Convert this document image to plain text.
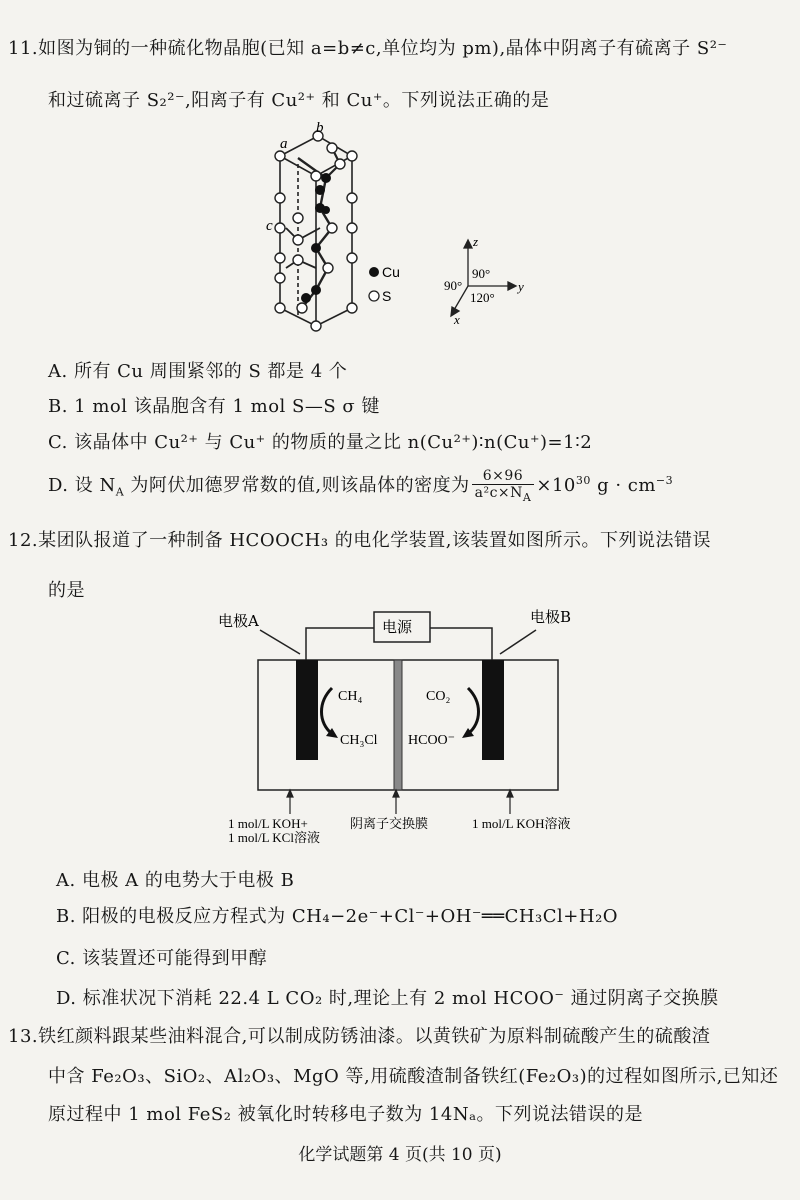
11.如图为铜的一种硫化物晶胞(已知 a=b≠c,单位均为 pm),晶体中阴离子有硫离子 S²⁻
和过硫离子 S₂²⁻,阳离子有 Cu²⁺ 和 Cu⁺。下列说法正确的是
a
b
c
Cu
S
z
y
x
90°
90°
120°
A. 所有 Cu 周围紧邻的 S 都是 4 个
B. 1 mol 该晶胞含有 1 mol S—S σ 键
C. 该晶体中 Cu²⁺ 与 Cu⁺ 的物质的量之比 n(Cu²⁺)∶n(Cu⁺)=1∶2
D. 设 $N_A$ 为阿伏加德罗常数的值,则该晶体的密度为 $\frac{6\times 96}{a^2c\times N_A} \times 10^{30}$ $g \cdot cm^{-3}$
12.某团队报道了一种制备 HCOOCH₃ 的电化学装置,该装置如图所示。下列说法错误
的是
电源
电极A	电极B
CH₄
CH₃Cl
CO₂
HCOO⁻
1 mol/L KOH+
1 mol/L KCl溶液
阴离子交换膜	1 mol/L KOH溶液
A. 电极 A 的电势大于电极 B
B. 阳极的电极反应方程式为 CH₄−2e⁻+Cl⁻+OH⁻══CH₃Cl+H₂O
C. 该装置还可能得到甲醇
D. 标准状况下消耗 22.4 L CO₂ 时,理论上有 2 mol HCOO⁻ 通过阴离子交换膜
13.铁红颜料跟某些油料混合,可以制成防锈油漆。以黄铁矿为原料制硫酸产生的硫酸渣
中含 Fe₂O₃、SiO₂、Al₂O₃、MgO 等,用硫酸渣制备铁红(Fe₂O₃)的过程如图所示,已知还
原过程中 1 mol FeS₂ 被氧化时转移电子数为 14Nₐ。下列说法错误的是
化学试题第 4 页(共 10 页)
